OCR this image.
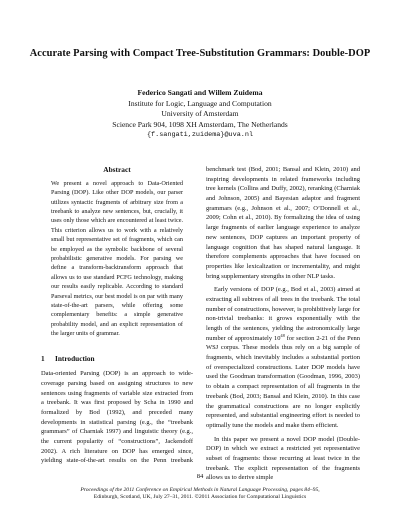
Accurate Parsing with Compact Tree-Substitution Grammars: Double-DOP
Federico Sangati and Willem Zuidema
Institute for Logic, Language and Computation
University of Amsterdam
Science Park 904, 1098 XH Amsterdam, The Netherlands
{f.sangati,zuidema}@uva.nl
Abstract

We present a novel approach to Data-Oriented Parsing (DOP). Like other DOP models, our parser utilizes syntactic fragments of arbitrary size from a treebank to analyze new sentences, but, crucially, it uses only those which are encountered at least twice. This criterion allows us to work with a relatively small but representative set of fragments, which can be employed as the symbolic backbone of several probabilistic generative models. For parsing we define a transform-backtransform approach that allows us to use standard PCFG technology, making our results easily replicable. According to standard Parseval metrics, our best model is on par with many state-of-the-art parsers, while offering some complementary benefits: a simple generative probability model, and an explicit representation of the larger units of grammar.

1 Introduction

Data-oriented Parsing (DOP) is an approach to wide-coverage parsing based on assigning structures to new sentences using fragments of variable size extracted from a treebank. It was first proposed by Scha in 1990 and formalized by Bod (1992), and preceded many developments in statistical parsing (e.g., the “treebank grammars” of Charniak 1997) and linguistic theory (e.g., the current popularity of “constructions”, Jackendoff 2002). A rich literature on DOP has emerged since, yielding state-of-the-art results on the Penn treebank

benchmark test (Bod, 2001; Bansal and Klein, 2010) and inspiring developments in related frameworks including tree kernels (Collins and Duffy, 2002), reranking (Charniak and Johnson, 2005) and Bayesian adaptor and fragment grammars (e.g., Johnson et al., 2007; O’Donnell et al., 2009; Cohn et al., 2010). By formalizing the idea of using large fragments of earlier language experience to analyze new sentences, DOP captures an important property of language cognition that has shaped natural language. It therefore complements approaches that have focused on properties like lexicalization or incrementality, and might bring supplementary strengths in other NLP tasks.

Early versions of DOP (e.g., Bod et al., 2003) aimed at extracting all subtrees of all trees in the treebank. The total number of constructions, however, is prohibitively large for non-trivial treebanks: it grows exponentially with the length of the sentences, yielding the astronomically large number of approximately $10^{48}$ for section 2-21 of the Penn WSJ corpus. These models thus rely on a big sample of fragments, which inevitably includes a substantial portion of overspecialized constructions. Later DOP models have used the Goodman transformation (Goodman, 1996, 2003) to obtain a compact representation of all fragments in the treebank (Bod, 2003; Bansal and Klein, 2010). In this case the grammatical constructions are no longer explicitly represented, and substantial engineering effort is needed to optimally tune the models and make them efficient.

In this paper we present a novel DOP model (Double-DOP) in which we extract a restricted yet representative subset of fragments: those recurring at least twice in the treebank. The explicit representation of the fragments allows us to derive simple

84
Proceedings of the 2011 Conference on Empirical Methods in Natural Language Processing, pages 84–95,
Edinburgh, Scotland, UK, July 27–31, 2011. ©2011 Association for Computational Linguistics
